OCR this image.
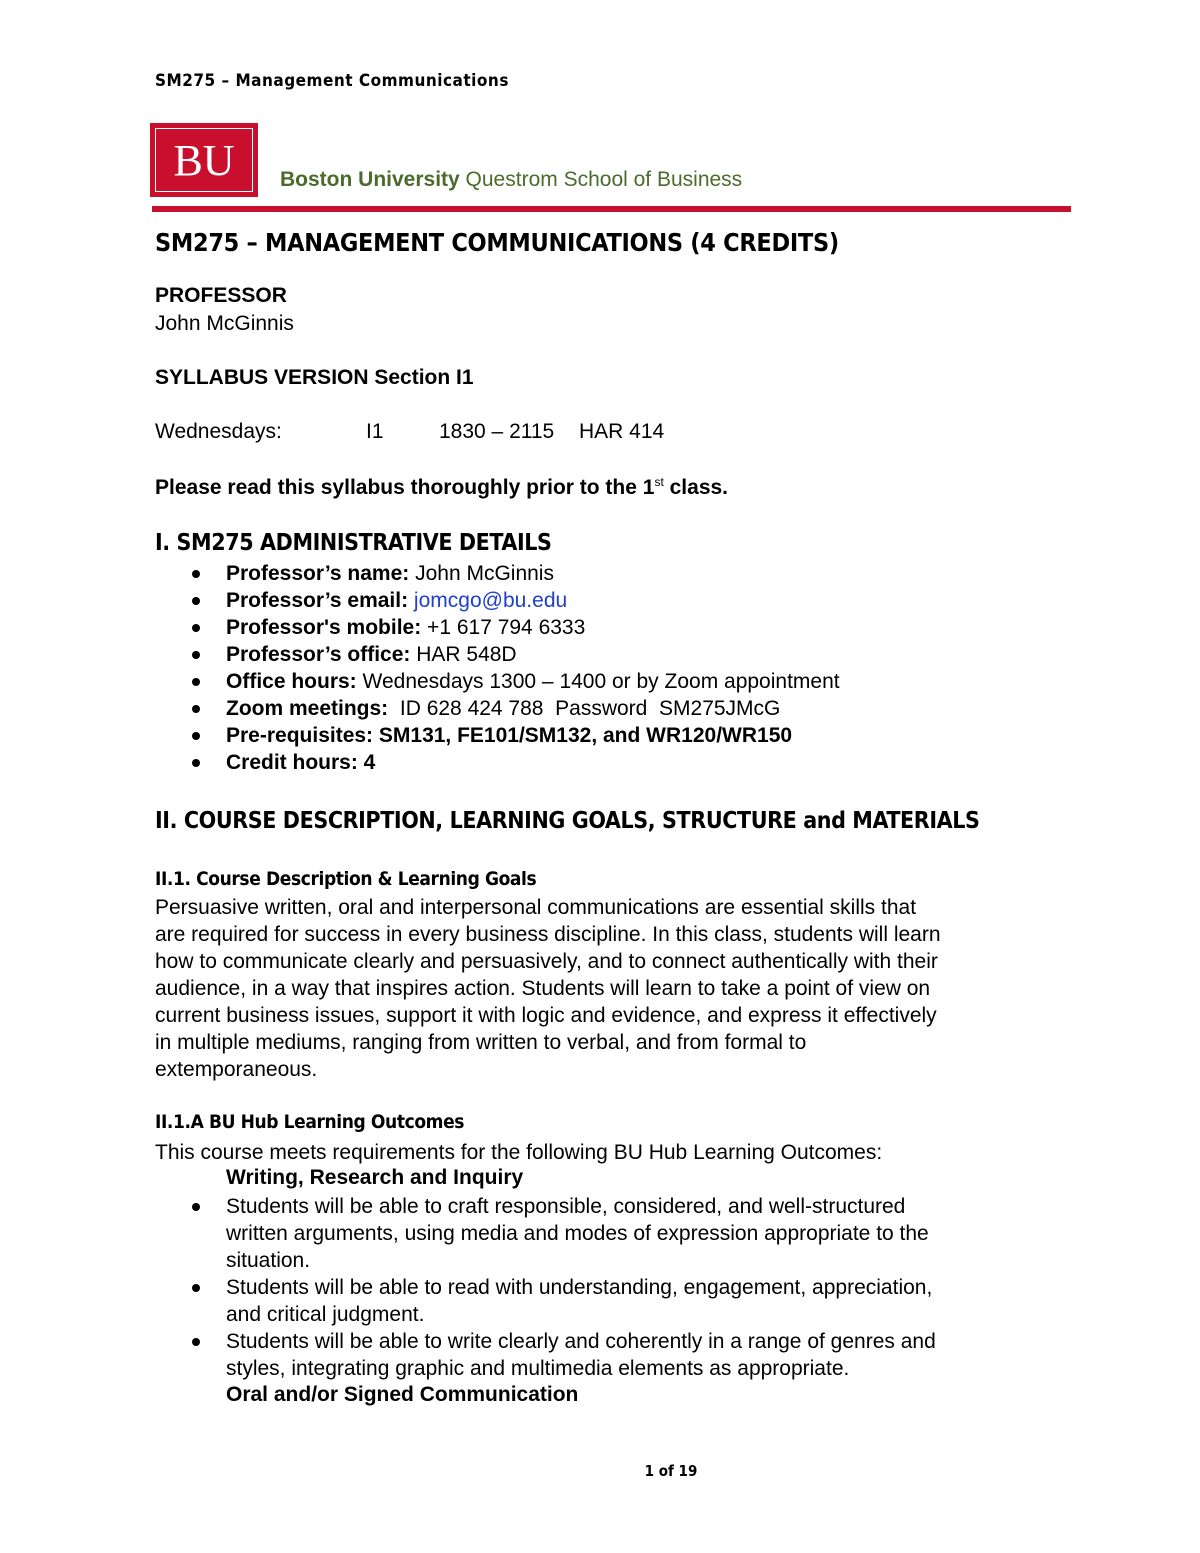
SM275 – Management Communications
BU	Boston University Questrom School of Business
SM275 – MANAGEMENT COMMUNICATIONS (4 CREDITS)
PROFESSOR
John McGinnis
SYLLABUS VERSION Section I1
Wednesdays:	I1	1830 – 2115 HAR 414
Please read this syllabus thoroughly prior to the 1st class.
I. SM275 ADMINISTRATIVE DETAILS
Professor’s name: John McGinnis
Professor’s email: jomcgo@bu.edu
Professor's mobile: +1 617 794 6333
Professor’s office: HAR 548D
Office hours: Wednesdays 1300 – 1400 or by Zoom appointment
Zoom meetings:  ID 628 424 788  Password  SM275JMcG
Pre-requisites: SM131, FE101/SM132, and WR120/WR150
Credit hours: 4
II. COURSE DESCRIPTION, LEARNING GOALS, STRUCTURE and MATERIALS
II.1. Course Description & Learning Goals
Persuasive written, oral and interpersonal communications are essential skills that
are required for success in every business discipline. In this class, students will learn
how to communicate clearly and persuasively, and to connect authentically with their
audience, in a way that inspires action. Students will learn to take a point of view on
current business issues, support it with logic and evidence, and express it effectively
in multiple mediums, ranging from written to verbal, and from formal to
extemporaneous.
II.1.A BU Hub Learning Outcomes
This course meets requirements for the following BU Hub Learning Outcomes:
Writing, Research and Inquiry
Students will be able to craft responsible, considered, and well-structured
written arguments, using media and modes of expression appropriate to the
situation.
Students will be able to read with understanding, engagement, appreciation,
and critical judgment.
Students will be able to write clearly and coherently in a range of genres and
styles, integrating graphic and multimedia elements as appropriate.
Oral and/or Signed Communication
1 of 19
